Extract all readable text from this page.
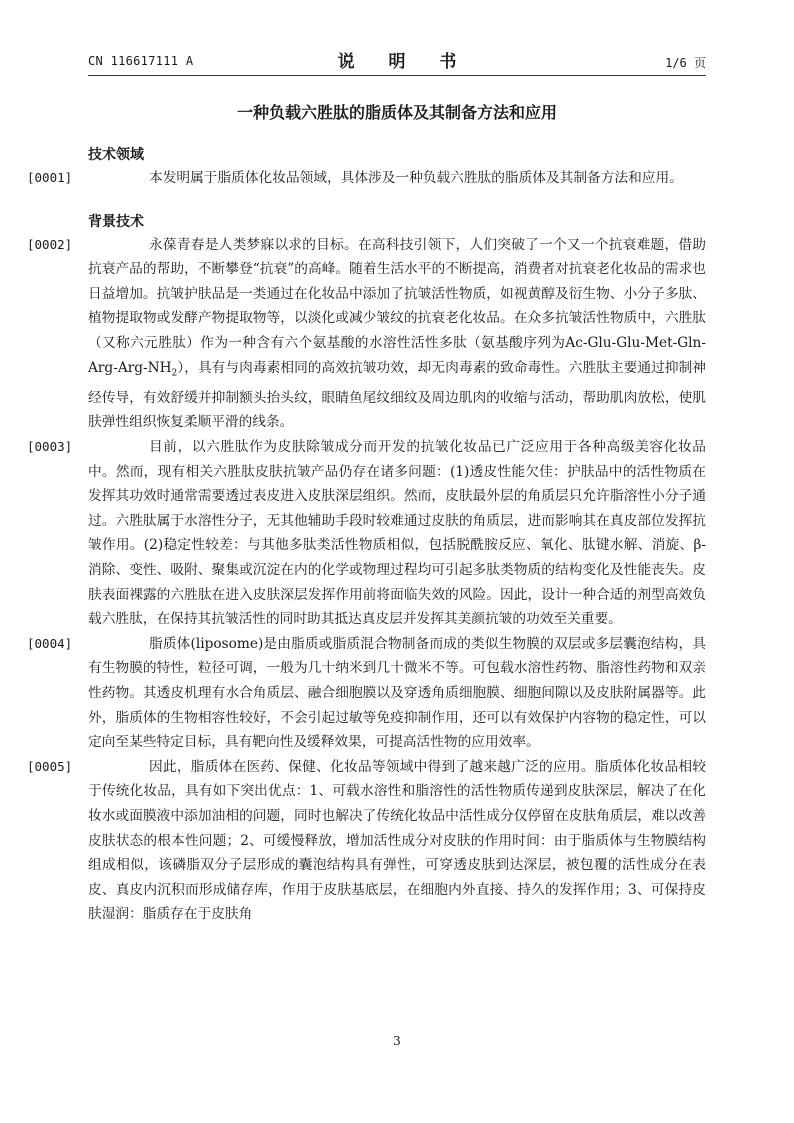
CN 116617111 A	说 明 书	1/6 页
一种负载六胜肽的脂质体及其制备方法和应用
技术领域

[0001]	本发明属于脂质体化妆品领域，具体涉及一种负载六胜肽的脂质体及其制备方法和应用。

背景技术

[0002]	永葆青春是人类梦寐以求的目标。在高科技引领下，人们突破了一个又一个抗衰难题，借助抗衰产品的帮助，不断攀登“抗衰”的高峰。随着生活水平的不断提高，消费者对抗衰老化妆品的需求也日益增加。抗皱护肤品是一类通过在化妆品中添加了抗皱活性物质，如视黄醇及衍生物、小分子多肽、植物提取物或发酵产物提取物等，以淡化或减少皱纹的抗衰老化妆品。在众多抗皱活性物质中，六胜肽（又称六元胜肽）作为一种含有六个氨基酸的水溶性活性多肽（氨基酸序列为$Ac-Glu-Glu-Met-Gln-Arg-Arg-NH_2$），具有与肉毒素相同的高效抗皱功效，却无肉毒素的致命毒性。六胜肽主要通过抑制神经传导，有效舒缓并抑制额头抬头纹，眼睛鱼尾纹细纹及周边肌肉的收缩与活动，帮助肌肉放松，使肌肤弹性组织恢复柔顺平滑的线条。

[0003]	目前，以六胜肽作为皮肤除皱成分而开发的抗皱化妆品已广泛应用于各种高级美容化妆品中。然而，现有相关六胜肽皮肤抗皱产品仍存在诸多问题：(1)透皮性能欠佳：护肤品中的活性物质在发挥其功效时通常需要透过表皮进入皮肤深层组织。然而，皮肤最外层的角质层只允许脂溶性小分子通过。六胜肽属于水溶性分子，无其他辅助手段时较难通过皮肤的角质层，进而影响其在真皮部位发挥抗皱作用。(2)稳定性较差：与其他多肽类活性物质相似，包括脱酰胺反应、氧化、肽键水解、消旋、β-消除、变性、吸附、聚集或沉淀在内的化学或物理过程均可引起多肽类物质的结构变化及性能丧失。皮肤表面裸露的六胜肽在进入皮肤深层发挥作用前将面临失效的风险。因此，设计一种合适的剂型高效负载六胜肽，在保持其抗皱活性的同时助其抵达真皮层并发挥其美颜抗皱的功效至关重要。

[0004]	脂质体(liposome)是由脂质或脂质混合物制备而成的类似生物膜的双层或多层囊泡结构，具有生物膜的特性，粒径可调，一般为几十纳米到几十微米不等。可包载水溶性药物、脂溶性药物和双亲性药物。其透皮机理有水合角质层、融合细胞膜以及穿透角质细胞膜、细胞间隙以及皮肤附属器等。此外，脂质体的生物相容性较好，不会引起过敏等免疫抑制作用，还可以有效保护内容物的稳定性，可以定向至某些特定目标，具有靶向性及缓释效果，可提高活性物的应用效率。

[0005]	因此，脂质体在医药、保健、化妆品等领域中得到了越来越广泛的应用。脂质体化妆品相较于传统化妆品，具有如下突出优点：1、可载水溶性和脂溶性的活性物质传递到皮肤深层，解决了在化妆水或面膜液中添加油相的问题，同时也解决了传统化妆品中活性成分仅停留在皮肤角质层，难以改善皮肤状态的根本性问题；2、可缓慢释放，增加活性成分对皮肤的作用时间：由于脂质体与生物膜结构组成相似，该磷脂双分子层形成的囊泡结构具有弹性，可穿透皮肤到达深层，被包覆的活性成分在表皮、真皮内沉积而形成储存库，作用于皮肤基底层，在细胞内外直接、持久的发挥作用；3、可保持皮肤湿润：脂质存在于皮肤角

3
